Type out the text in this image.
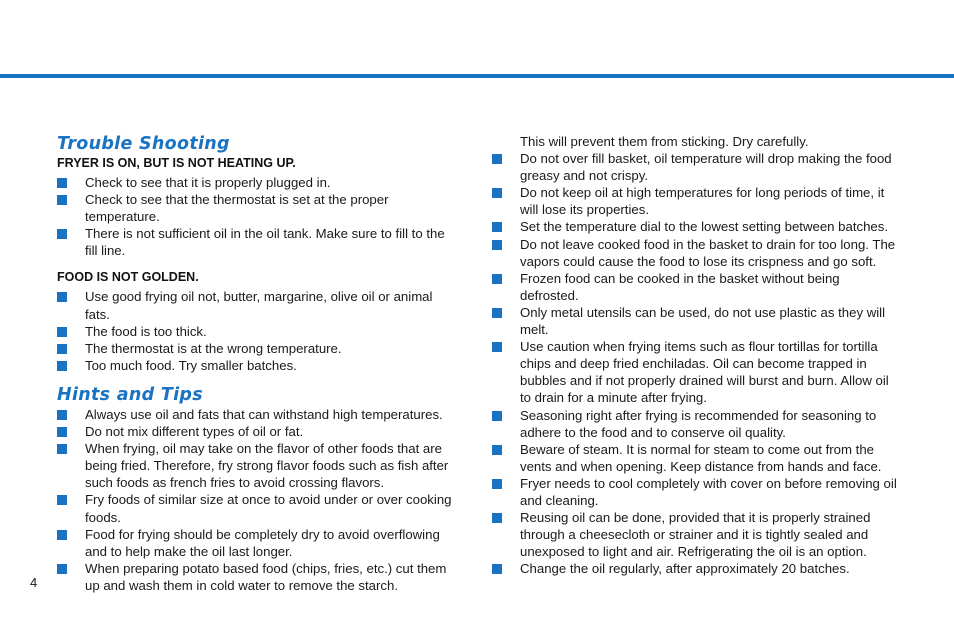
Trouble Shooting
FRYER IS ON, BUT IS NOT HEATING UP.
Check to see that it is properly plugged in.
Check to see that the thermostat is set at the proper temperature.
There is not sufficient oil in the oil tank. Make sure to fill to the fill line.
FOOD IS NOT GOLDEN.
Use good frying oil not, butter, margarine, olive oil or animal fats.
The food is too thick.
The thermostat is at the wrong temperature.
Too much food. Try smaller batches.
Hints and Tips
Always use oil and fats that can withstand high temperatures.
Do not mix different types of oil or fat.
When frying, oil may take on the flavor of other foods that are being fried. Therefore, fry strong flavor foods such as fish after such foods as french fries to avoid crossing flavors.
Fry foods of similar size at once to avoid under or over cooking foods.
Food for frying should be completely dry to avoid overflowing and to help make the oil last longer.
When preparing potato based food (chips, fries, etc.) cut them up and wash them in cold water to remove the starch.

This will prevent them from sticking. Dry carefully.

Do not over fill basket, oil temperature will drop making the food greasy and not crispy.
Do not keep oil at high temperatures for long periods of time, it will lose its properties.
Set the temperature dial to the lowest setting between batches.
Do not leave cooked food in the basket to drain for too long. The vapors could cause the food to lose its crispness and go soft.
Frozen food can be cooked in the basket without being defrosted.
Only metal utensils can be used, do not use plastic as they will melt.
Use caution when frying items such as flour tortillas for tortilla chips and deep fried enchiladas. Oil can become trapped in bubbles and if not properly drained will burst and burn. Allow oil to drain for a minute after frying.
Seasoning right after frying is recommended for seasoning to adhere to the food and to conserve oil quality.
Beware of steam. It is normal for steam to come out from the vents and when opening. Keep distance from hands and face.
Fryer needs to cool completely with cover on before removing oil and cleaning.
Reusing oil can be done, provided that it is properly strained through a cheesecloth or strainer and it is tightly sealed and unexposed to light and air. Refrigerating the oil is an option.
Change the oil regularly, after approximately 20 batches.
4
